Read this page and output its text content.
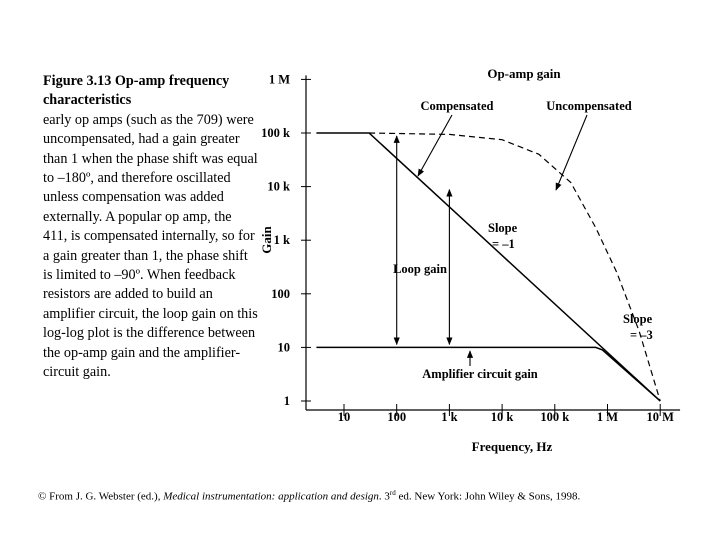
Figure 3.13 Op-amp frequency characteristics
early op amps (such as the 709) were uncompensated, had a gain greater than 1 when the phase shift was equal to –180º, and therefore oscillated unless compensation was added externally. A popular op amp, the 411, is compensated internally, so for a gain greater than 1, the phase shift is limited to –90º. When feedback resistors are added to build an amplifier circuit, the loop gain on this log-log plot is the difference between the op-amp gain and the amplifier-circuit gain.
1
10
100
1 k
10 k
100 k
1 M
10	100	1 k	10 k 100 k 1 M 10 M
Frequency, Hz
Gain
Op-amp gain
Compensated	Uncompensated
Slope
= –1
Slope
= –3
Loop gain
Amplifier circuit gain
© From J. G. Webster (ed.), Medical instrumentation: application and design. 3rd ed. New York: John Wiley & Sons, 1998.
